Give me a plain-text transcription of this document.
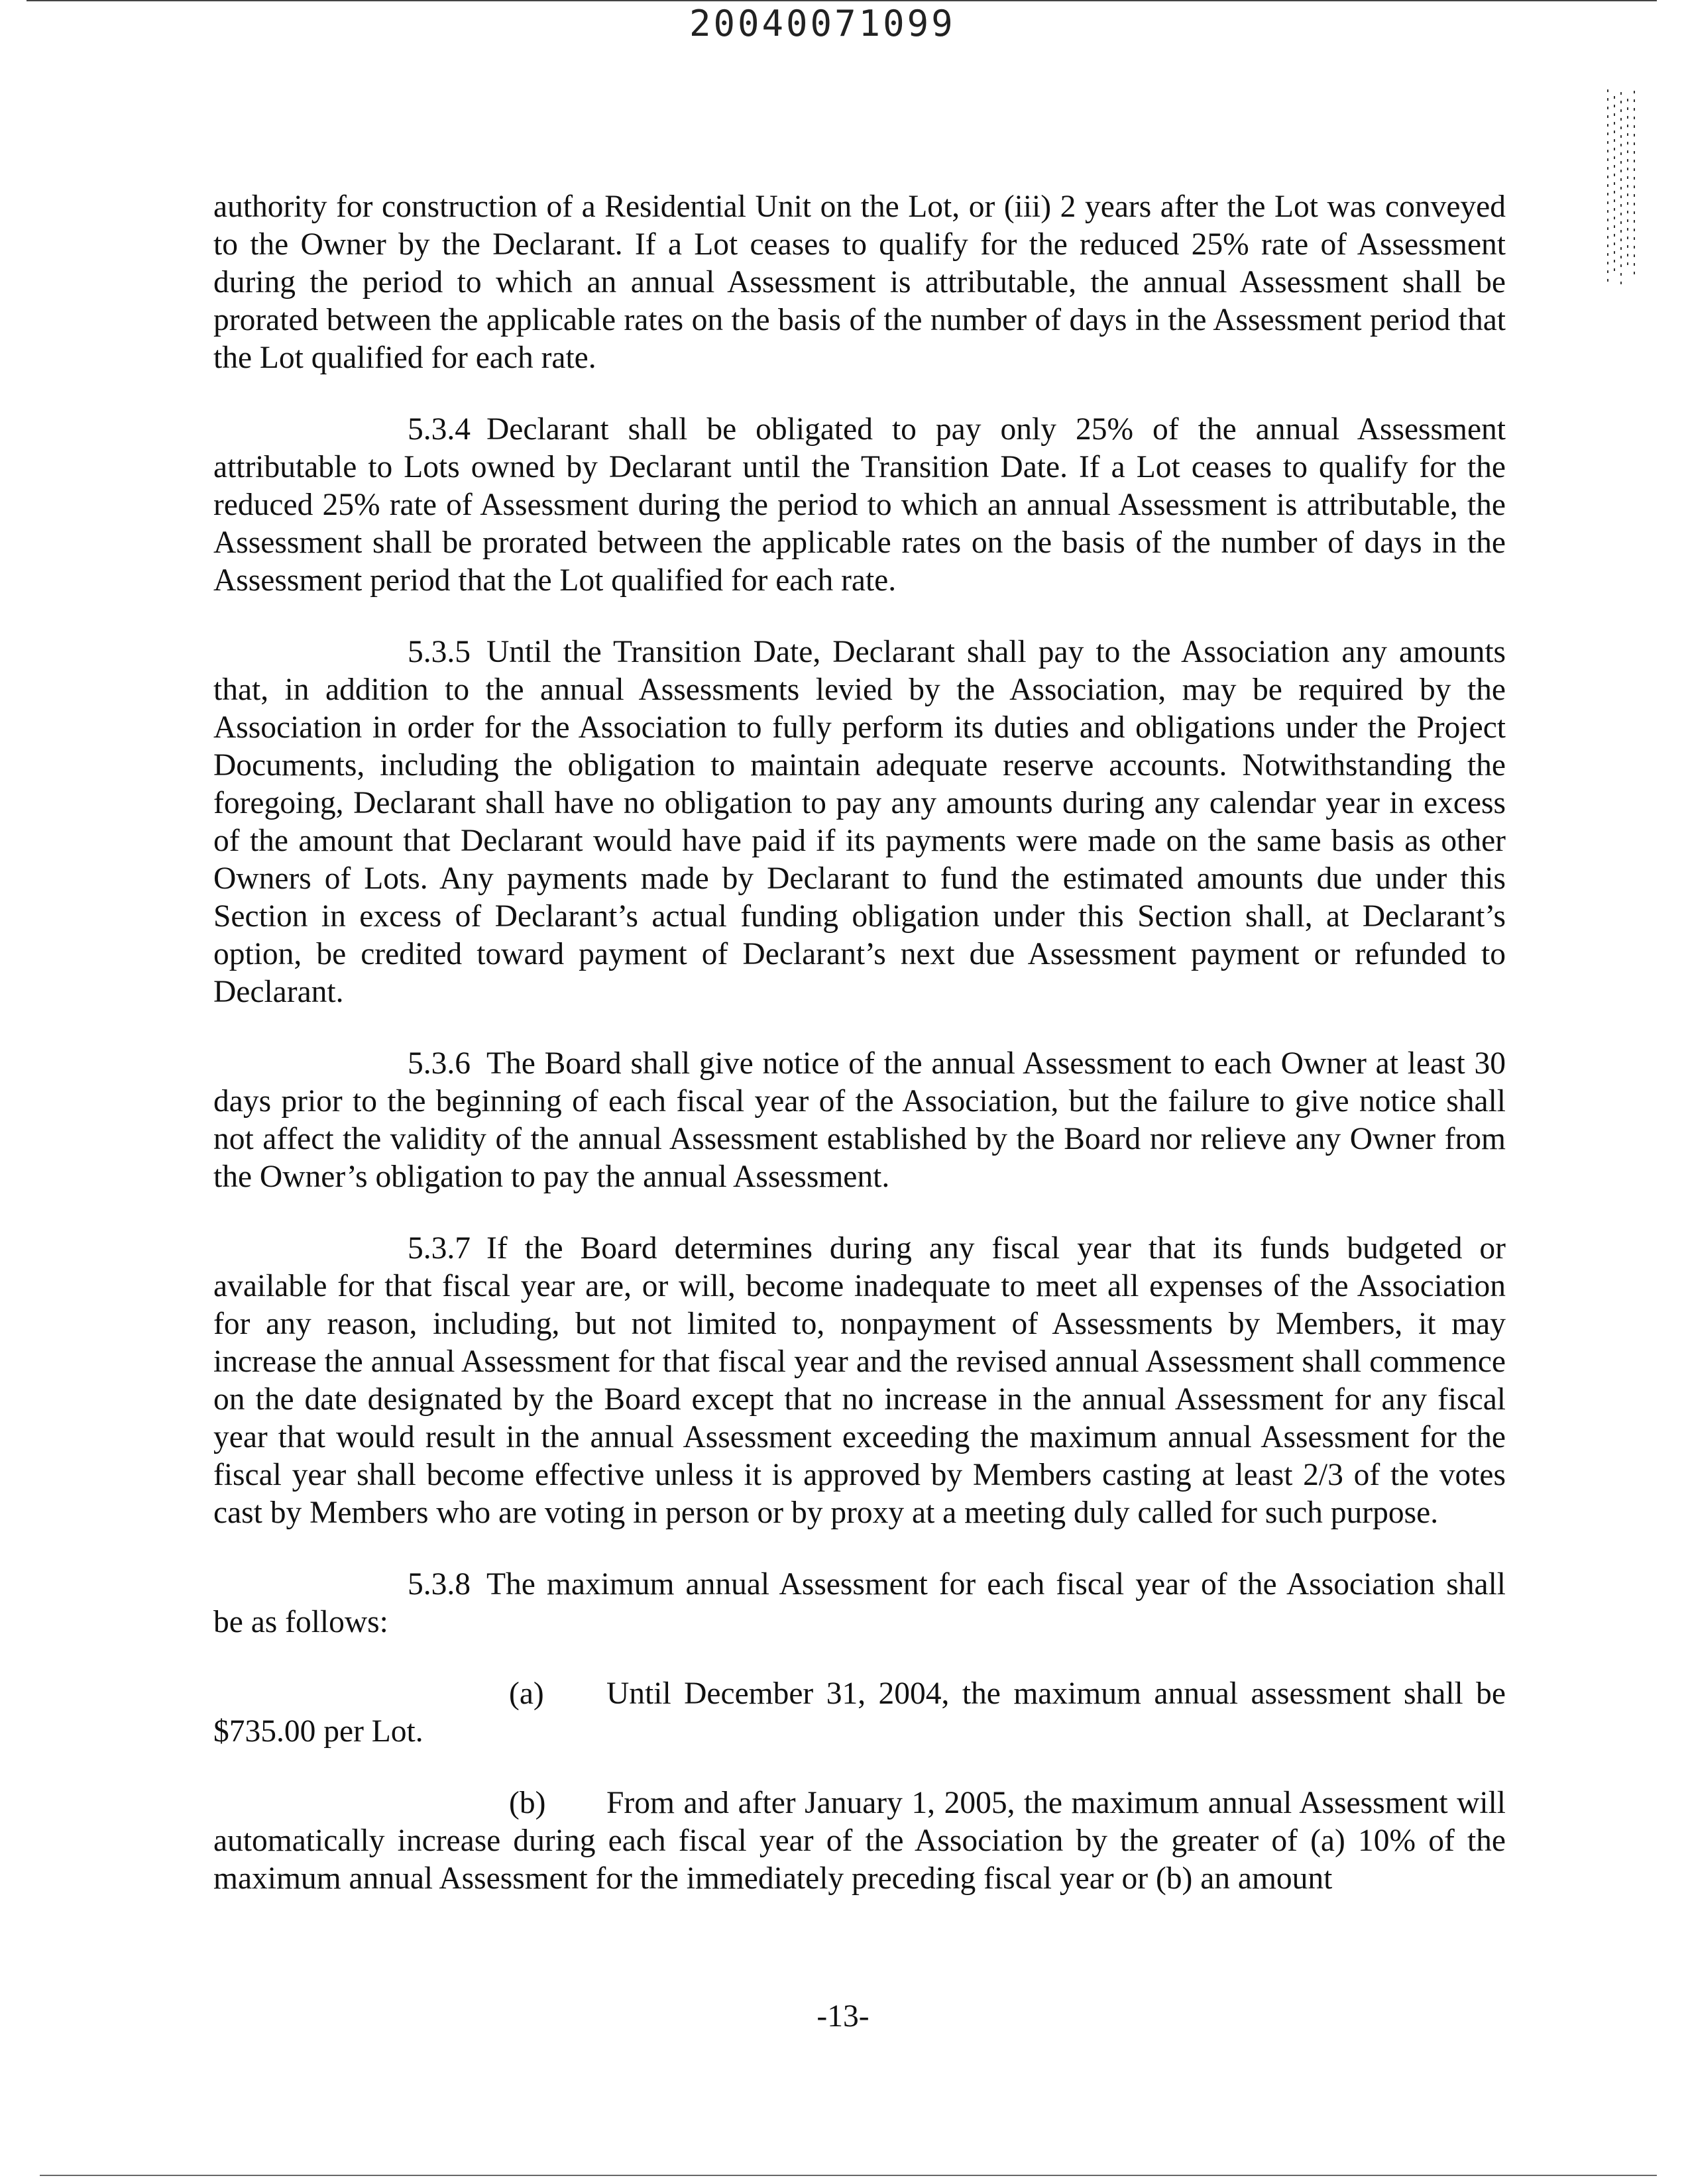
20040071099

authority for construction of a Residential Unit on the Lot, or (iii) 2 years after the Lot was conveyed to the Owner by the Declarant. If a Lot ceases to qualify for the reduced 25% rate of Assessment during the period to which an annual Assessment is attributable, the annual Assessment shall be prorated between the applicable rates on the basis of the number of days in the Assessment period that the Lot qualified for each rate.

5.3.4 Declarant shall be obligated to pay only 25% of the annual Assessment attributable to Lots owned by Declarant until the Transition Date. If a Lot ceases to qualify for the reduced 25% rate of Assessment during the period to which an annual Assessment is attributable, the Assessment shall be prorated between the applicable rates on the basis of the number of days in the Assessment period that the Lot qualified for each rate.

5.3.5 Until the Transition Date, Declarant shall pay to the Association any amounts that, in addition to the annual Assessments levied by the Association, may be required by the Association in order for the Association to fully perform its duties and obligations under the Project Documents, including the obligation to maintain adequate reserve accounts. Notwithstanding the foregoing, Declarant shall have no obligation to pay any amounts during any calendar year in excess of the amount that Declarant would have paid if its payments were made on the same basis as other Owners of Lots. Any payments made by Declarant to fund the estimated amounts due under this Section in excess of Declarant’s actual funding obligation under this Section shall, at Declarant’s option, be credited toward payment of Declarant’s next due Assessment payment or refunded to Declarant.

5.3.6 The Board shall give notice of the annual Assessment to each Owner at least 30 days prior to the beginning of each fiscal year of the Association, but the failure to give notice shall not affect the validity of the annual Assessment established by the Board nor relieve any Owner from the Owner’s obligation to pay the annual Assessment.

5.3.7 If the Board determines during any fiscal year that its funds budgeted or available for that fiscal year are, or will, become inadequate to meet all expenses of the Association for any reason, including, but not limited to, nonpayment of Assessments by Members, it may increase the annual Assessment for that fiscal year and the revised annual Assessment shall commence on the date designated by the Board except that no increase in the annual Assessment for any fiscal year that would result in the annual Assessment exceeding the maximum annual Assessment for the fiscal year shall become effective unless it is approved by Members casting at least 2/3 of the votes cast by Members who are voting in person or by proxy at a meeting duly called for such purpose.

5.3.8 The maximum annual Assessment for each fiscal year of the Association shall be as follows:

(a) Until December 31, 2004, the maximum annual assessment shall be $735.00 per Lot.

(b) From and after January 1, 2005, the maximum annual Assessment will automatically increase during each fiscal year of the Association by the greater of (a) 10% of the maximum annual Assessment for the immediately preceding fiscal year or (b) an amount

-13-
